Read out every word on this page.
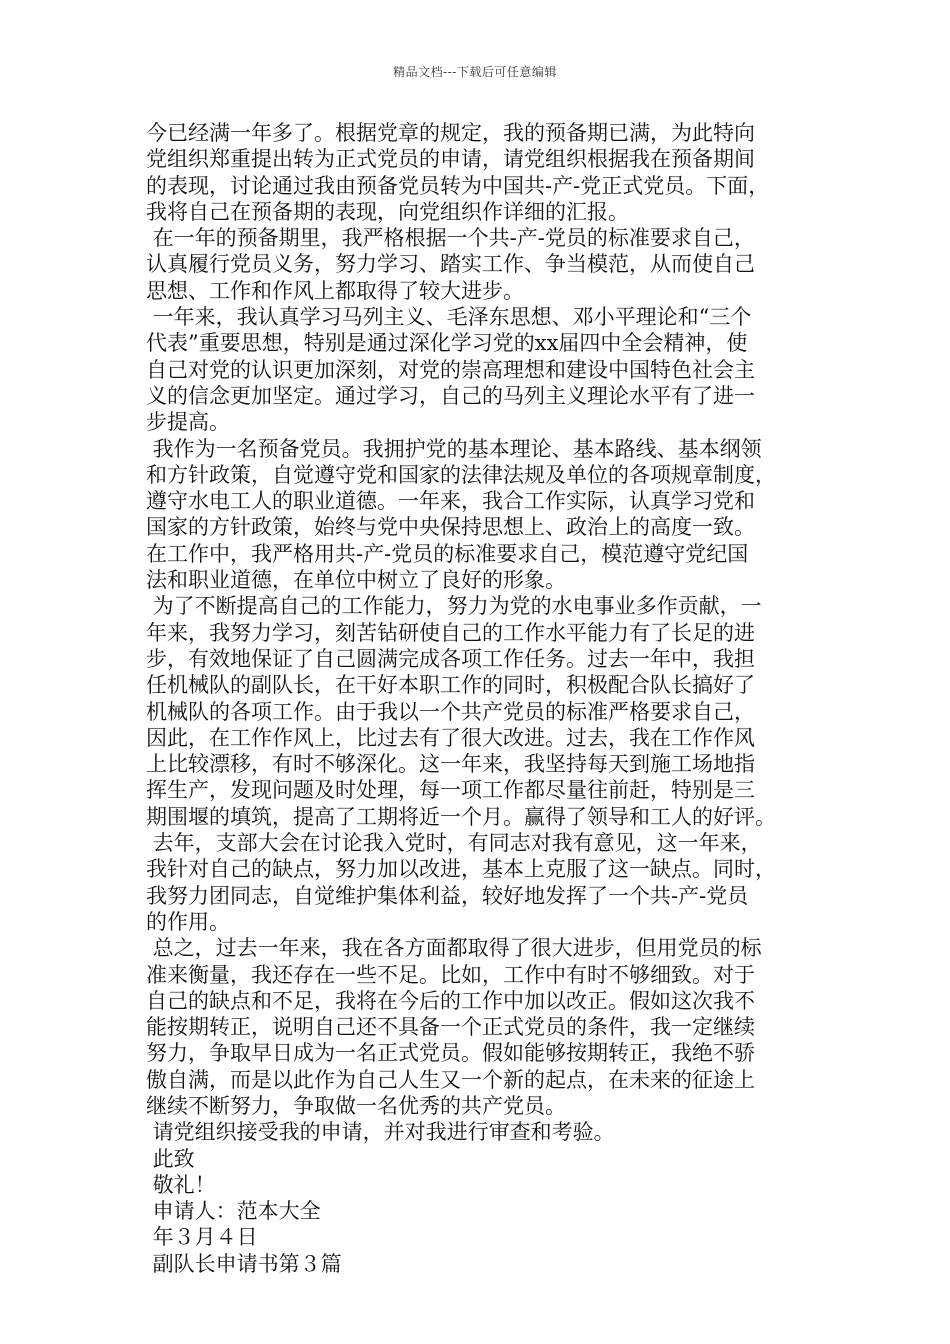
精品文档---下载后可任意编辑
今已经满一年多了。根据党章的规定，我的预备期已满，为此特向
党组织郑重提出转为正式党员的申请，请党组织根据我在预备期间
的表现，讨论通过我由预备党员转为中国共-产-党正式党员。下面，
我将自己在预备期的表现，向党组织作详细的汇报。
在一年的预备期里，我严格根据一个共-产-党员的标准要求自己，
认真履行党员义务，努力学习、踏实工作、争当模范，从而使自己
思想、工作和作风上都取得了较大进步。
一年来，我认真学习马列主义、毛泽东思想、邓小平理论和“三个
代表”重要思想，特别是通过深化学习党的xx届四中全会精神，使
自己对党的认识更加深刻，对党的崇高理想和建设中国特色社会主
义的信念更加坚定。通过学习，自己的马列主义理论水平有了进一
步提高。
我作为一名预备党员。我拥护党的基本理论、基本路线、基本纲领
和方针政策，自觉遵守党和国家的法律法规及单位的各项规章制度，
遵守水电工人的职业道德。一年来，我合工作实际，认真学习党和
国家的方针政策，始终与党中央保持思想上、政治上的高度一致。
在工作中，我严格用共-产-党员的标准要求自己，模范遵守党纪国
法和职业道德，在单位中树立了良好的形象。
为了不断提高自己的工作能力，努力为党的水电事业多作贡献，一
年来，我努力学习，刻苦钻研使自己的工作水平能力有了长足的进
步，有效地保证了自己圆满完成各项工作任务。过去一年中，我担
任机械队的副队长，在干好本职工作的同时，积极配合队长搞好了
机械队的各项工作。由于我以一个共产党员的标准严格要求自己，
因此，在工作作风上，比过去有了很大改进。过去，我在工作作风
上比较漂移，有时不够深化。这一年来，我坚持每天到施工场地指
挥生产，发现问题及时处理，每一项工作都尽量往前赶，特别是三
期围堰的填筑，提高了工期将近一个月。赢得了领导和工人的好评。
去年，支部大会在讨论我入党时，有同志对我有意见，这一年来，
我针对自己的缺点，努力加以改进，基本上克服了这一缺点。同时，
我努力团同志，自觉维护集体利益，较好地发挥了一个共-产-党员
的作用。
总之，过去一年来，我在各方面都取得了很大进步，但用党员的标
准来衡量，我还存在一些不足。比如，工作中有时不够细致。对于
自己的缺点和不足，我将在今后的工作中加以改正。假如这次我不
能按期转正，说明自己还不具备一个正式党员的条件，我一定继续
努力，争取早日成为一名正式党员。假如能够按期转正，我绝不骄
傲自满，而是以此作为自己人生又一个新的起点，在未来的征途上
继续不断努力，争取做一名优秀的共产党员。
请党组织接受我的申请，并对我进行审查和考验。
此致
敬礼！
申请人：范本大全
年３月４日
副队长申请书第３篇
